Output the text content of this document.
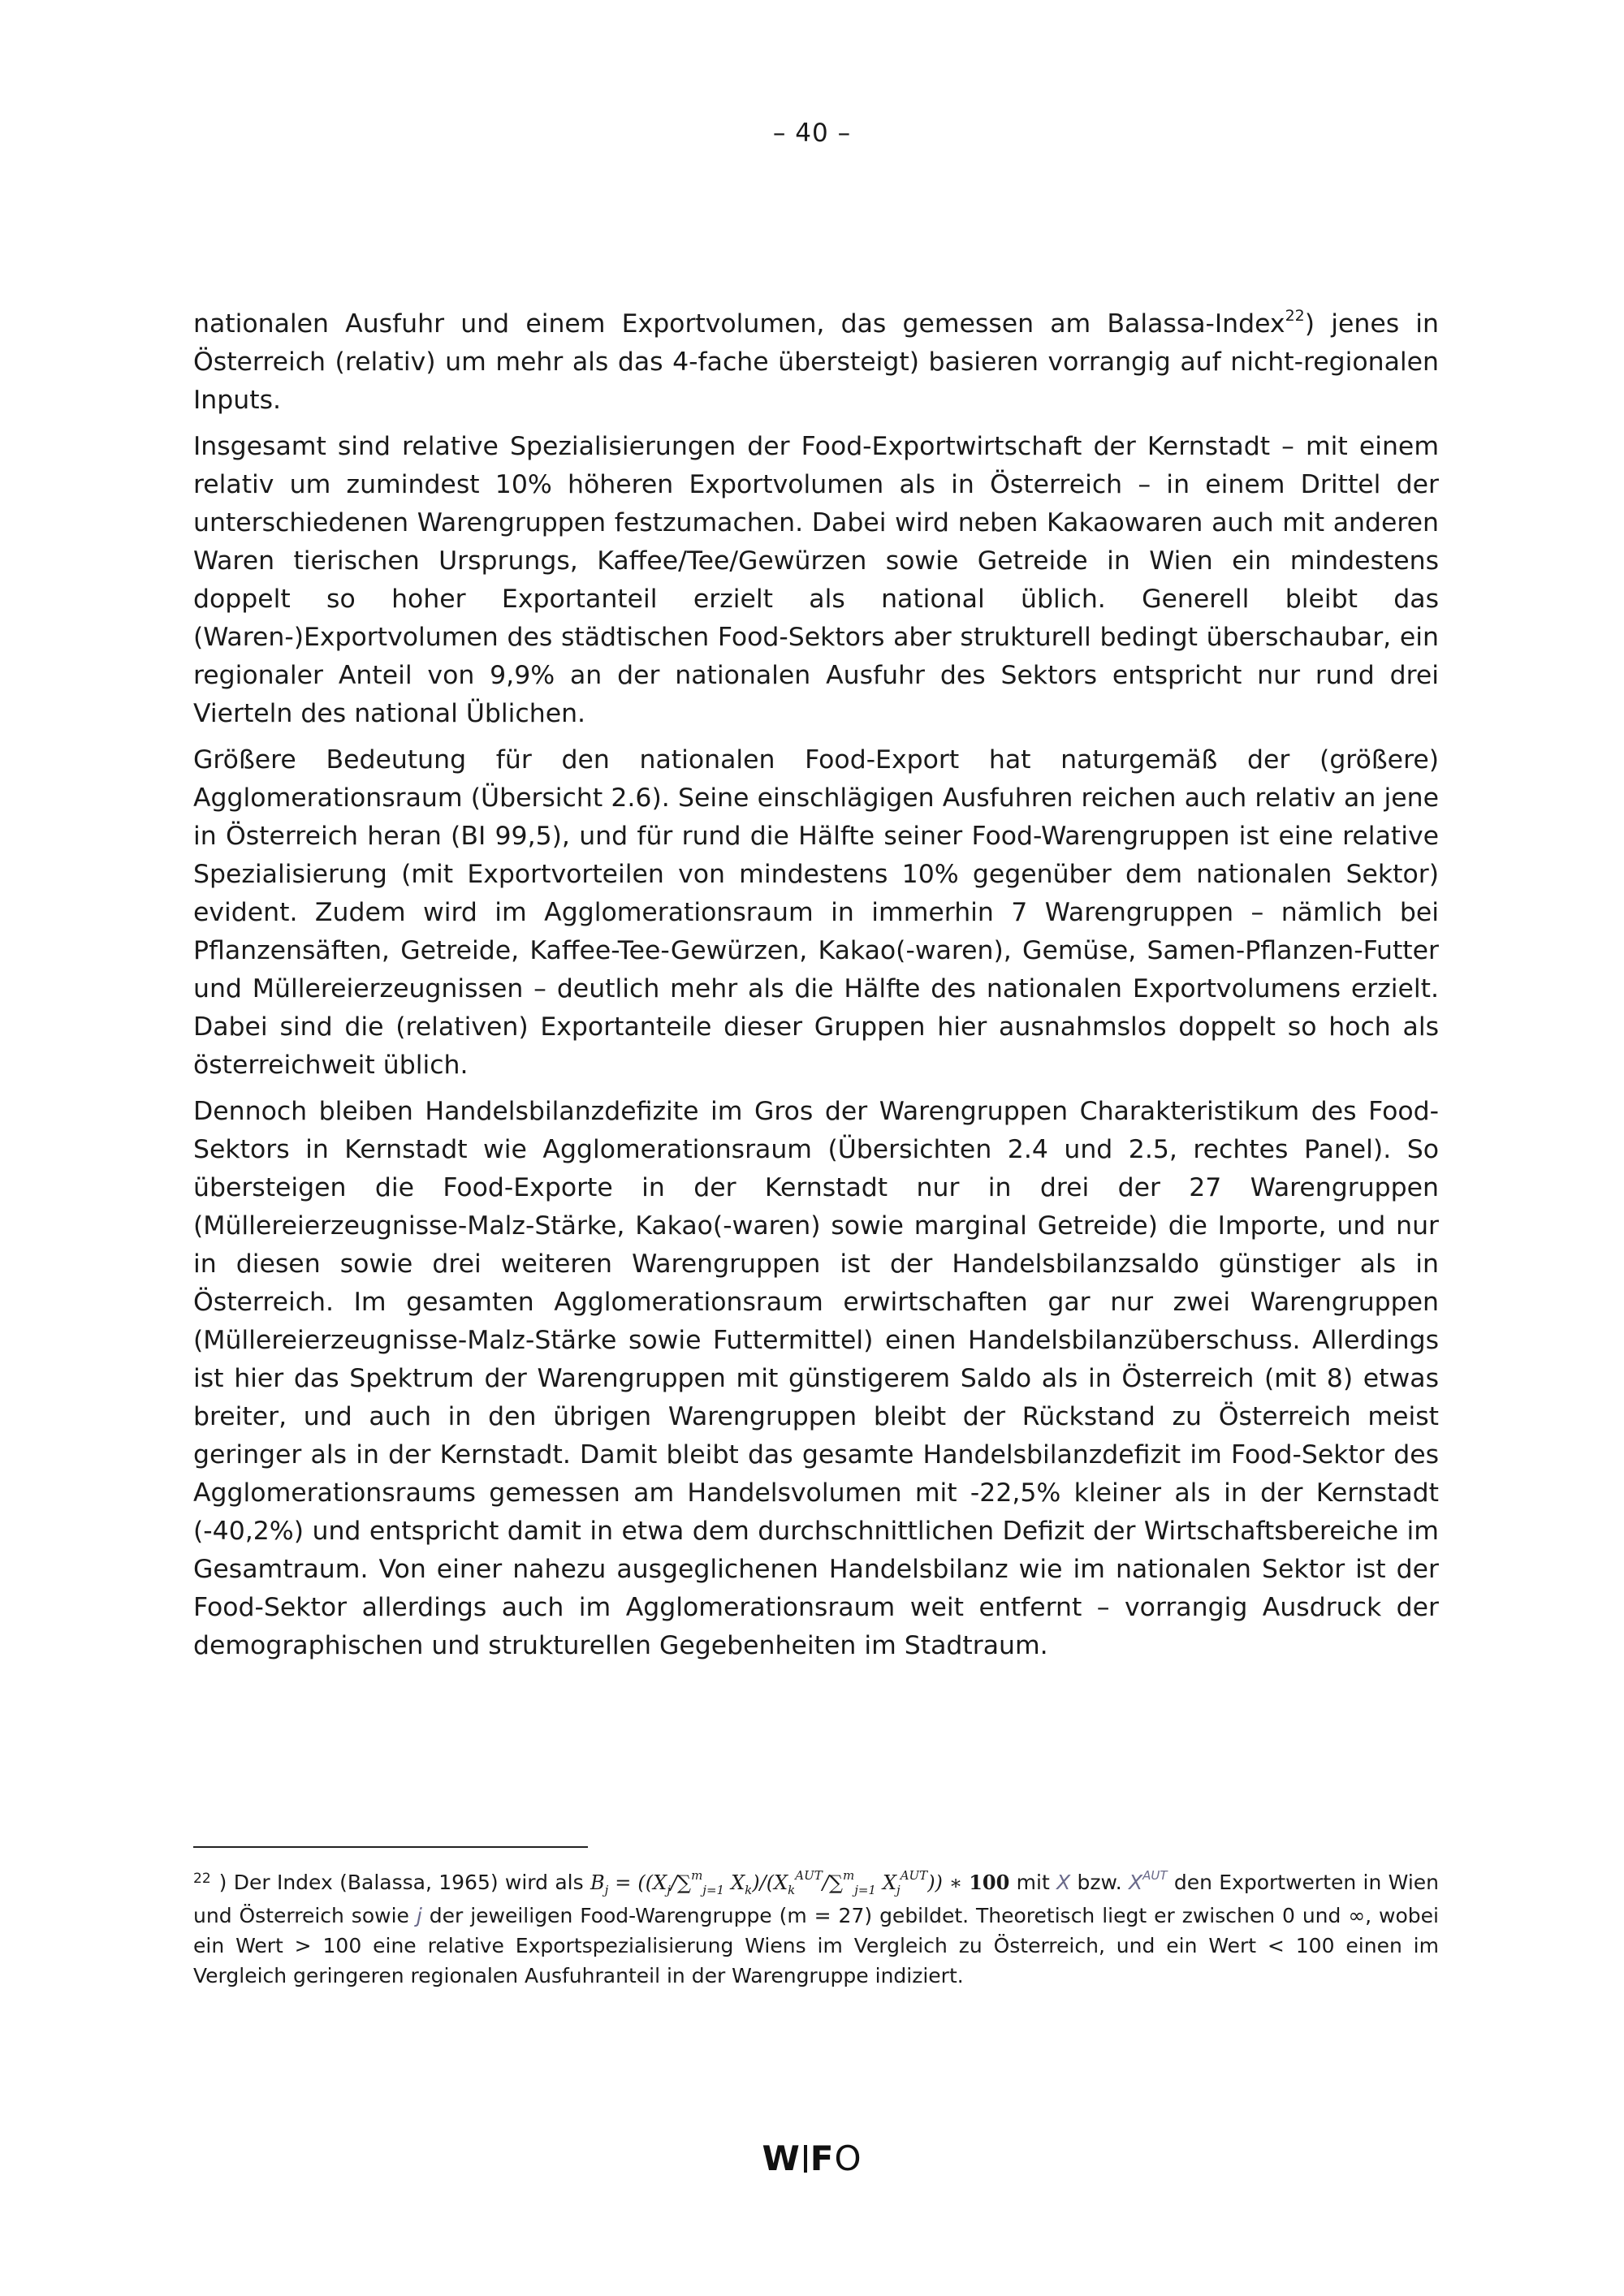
– 40 –

nationalen Ausfuhr und einem Exportvolumen, das gemessen am Balassa-Index$^{22}$) jenes in Österreich (relativ) um mehr als das 4-fache übersteigt) basieren vorrangig auf nicht-regionalen Inputs.

Insgesamt sind relative Spezialisierungen der Food-Exportwirtschaft der Kernstadt – mit einem relativ um zumindest 10% höheren Exportvolumen als in Österreich – in einem Drittel der unterschiedenen Warengruppen festzumachen. Dabei wird neben Kakaowaren auch mit anderen Waren tierischen Ursprungs, Kaffee/Tee/Gewürzen sowie Getreide in Wien ein mindestens doppelt so hoher Exportanteil erzielt als national üblich. Generell bleibt das (Waren-)Exportvolumen des städtischen Food-Sektors aber strukturell bedingt überschaubar, ein regionaler Anteil von 9,9% an der nationalen Ausfuhr des Sektors entspricht nur rund drei Vierteln des national Üblichen.

Größere Bedeutung für den nationalen Food-Export hat naturgemäß der (größere) Agglomerationsraum (Übersicht 2.6). Seine einschlägigen Ausfuhren reichen auch relativ an jene in Österreich heran (BI 99,5), und für rund die Hälfte seiner Food-Warengruppen ist eine relative Spezialisierung (mit Exportvorteilen von mindestens 10% gegenüber dem nationalen Sektor) evident. Zudem wird im Agglomerationsraum in immerhin 7 Warengruppen – nämlich bei Pflanzensäften, Getreide, Kaffee-Tee-Gewürzen, Kakao(-waren), Gemüse, Samen-Pflanzen-Futter und Müllereierzeugnissen – deutlich mehr als die Hälfte des nationalen Exportvolumens erzielt. Dabei sind die (relativen) Exportanteile dieser Gruppen hier ausnahmslos doppelt so hoch als österreichweit üblich.

Dennoch bleiben Handelsbilanzdefizite im Gros der Warengruppen Charakteristikum des Food-Sektors in Kernstadt wie Agglomerationsraum (Übersichten 2.4 und 2.5, rechtes Panel). So übersteigen die Food-Exporte in der Kernstadt nur in drei der 27 Warengruppen (Müllereierzeugnisse-Malz-Stärke, Kakao(-waren) sowie marginal Getreide) die Importe, und nur in diesen sowie drei weiteren Warengruppen ist der Handelsbilanzsaldo günstiger als in Österreich. Im gesamten Agglomerationsraum erwirtschaften gar nur zwei Warengruppen (Müllereierzeugnisse-Malz-Stärke sowie Futtermittel) einen Handelsbilanzüberschuss. Allerdings ist hier das Spektrum der Warengruppen mit günstigerem Saldo als in Österreich (mit 8) etwas breiter, und auch in den übrigen Warengruppen bleibt der Rückstand zu Österreich meist geringer als in der Kernstadt. Damit bleibt das gesamte Handelsbilanzdefizit im Food-Sektor des Agglomerationsraums gemessen am Handelsvolumen mit -22,5% kleiner als in der Kernstadt (-40,2%) und entspricht damit in etwa dem durchschnittlichen Defizit der Wirtschaftsbereiche im Gesamtraum. Von einer nahezu ausgeglichenen Handelsbilanz wie im nationalen Sektor ist der Food-Sektor allerdings auch im Agglomerationsraum weit entfernt – vorrangig Ausdruck der demographischen und strukturellen Gegebenheiten im Stadtraum.

$^{22}$ ) Der Index (Balassa, 1965) wird als $B_j = ((X_j/\sum^m_{j=1}$ $X_k)/(X_k^{AUT}/\sum^m_{j=1}$ $X_j^{AUT}$)) ∗ 100 mit X bzw. $X^{AUT}$ den Exportwerten in Wien und Österreich sowie j der jeweiligen Food-Warengruppe (m = 27) gebildet. Theoretisch liegt er zwischen 0 und ∞, wobei ein Wert > 100 eine relative Exportspezialisierung Wiens im Vergleich zu Österreich, und ein Wert < 100 einen im Vergleich geringeren regionalen Ausfuhranteil in der Warengruppe indiziert.
W FO
